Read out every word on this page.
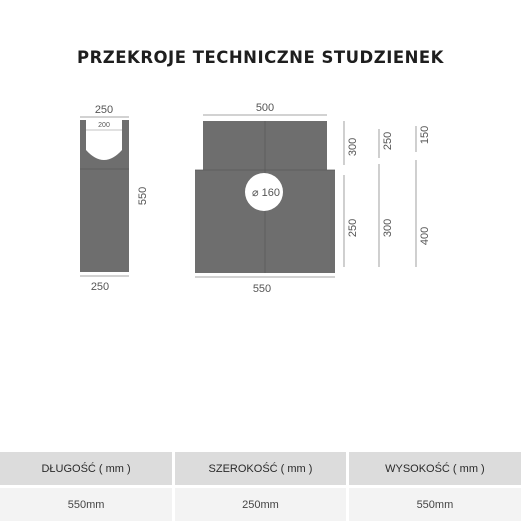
PRZEKROJE TECHNICZNE STUDZIENEK
250
200
550
250
500
⌀ 160
550
300
250
250
300
150
400
DŁUGOŚĆ ( mm )	SZEROKOŚĆ ( mm )	WYSOKOŚĆ ( mm )
550mm	250mm	550mm
